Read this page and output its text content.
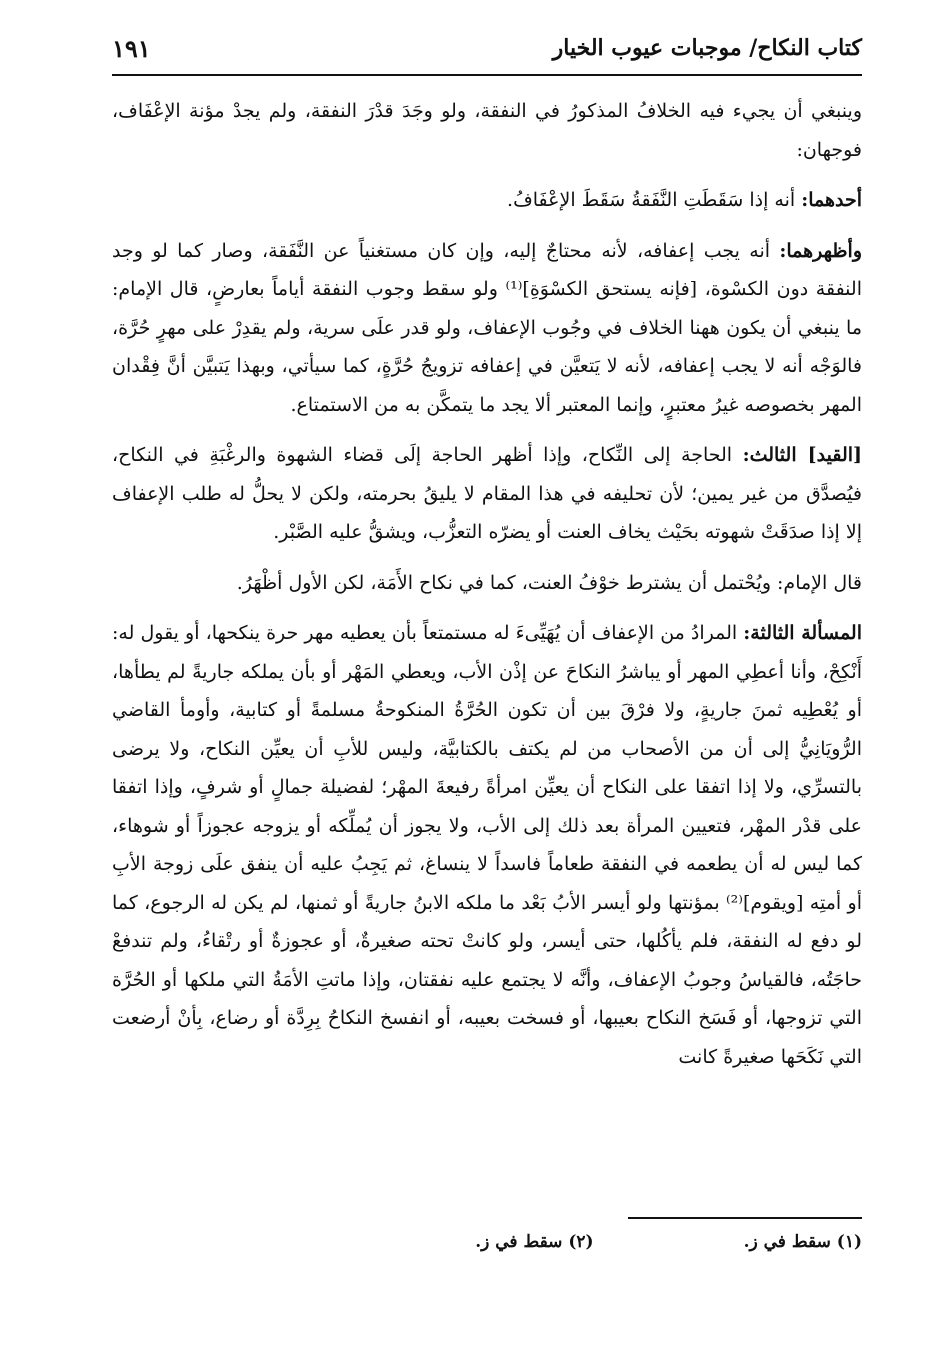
كتاب النكاح/ موجبات عيوب الخيار
١٩١

وينبغي أن يجيء فيه الخلافُ المذكورُ في النفقة، ولو وجَدَ قدْرَ النفقة، ولم يجدْ مؤنة الإعْفَاف، فوجهان:

أحدهما: أنه إذا سَقَطَتِ النَّفَقةُ سَقَطَ الإعْفَافُ.

وأظهرهما: أنه يجب إعفافه، لأنه محتاجٌ إليه، وإن كان مستغنياً عن النَّفَقة، وصار كما لو وجد النفقة دون الكسْوة، [فإنه يستحق الكسْوَةِ]⁽¹⁾ ولو سقط وجوب النفقة أياماً بعارضٍ، قال الإمام: ما ينبغي أن يكون ههنا الخلاف في وجُوب الإعفاف، ولو قدر علَى سرية، ولم يقدِرْ على مهرٍ حُرَّة، فالوَجْه أنه لا يجب إعفافه، لأنه لا يَتعيَّن في إعفافه تزويجُ حُرَّةٍ، كما سيأتي، وبهذا يَتبيَّن أنَّ فِقْدان المهر بخصوصه غيرُ معتبرٍ، وإنما المعتبر ألا يجد ما يتمكَّن به من الاستمتاع.

[القيد] الثالث: الحاجة إلى النِّكاح، وإذا أظهر الحاجة إلَى قضاء الشهوة والرغْبَةِ في النكاح، فيُصدَّق من غير يمين؛ لأن تحليفه في هذا المقام لا يليقُ بحرمته، ولكن لا يحلُّ له طلب الإعفاف إلا إذا صدَقَتْ شهوته بحَيْث يخاف العنت أو يضرّه التعزُّب، ويشقُّ عليه الصَّبْر.

قال الإمام: ويُحْتمل أن يشترط خوْفُ العنت، كما في نكاح الأَمَة، لكن الأول أظْهَرُ.

المسألة الثالثة: المرادُ من الإعفاف أن يُهَيِّىءَ له مستمتعاً بأن يعطيه مهر حرة ينكحها، أو يقول له: أَنْكِحْ، وأنا أعطِي المهر أو يباشرُ النكاحَ عن إذْن الأب، ويعطي المَهْر أو بأن يملكه جاريةً لم يطأها، أو يُعْطِيه ثمنَ جاريةٍ، ولا فرْقَ بين أن تكون الحُرَّةُ المنكوحةُ مسلمةً أو كتابية، وأومأ القاضي الرُّويَانِيُّ إلى أن من الأصحاب من لم يكتف بالكتابيَّة، وليس للأبِ أن يعيِّن النكاح، ولا يرضى بالتسرِّي، ولا إذا اتفقا على النكاح أن يعيِّن امرأةً رفيعةَ المهْر؛ لفضيلة جمالٍ أو شرفٍ، وإذا اتفقا على قدْر المهْر، فتعيين المرأة بعد ذلك إلى الأب، ولا يجوز أن يُملِّكه أو يزوجه عجوزاً أو شوهاء، كما ليس له أن يطعمه في النفقة طعاماً فاسداً لا ينساغ، ثم يَجِبُ عليه أن ينفق علَى زوجة الأبِ أو أمتِه [ويقوم]⁽²⁾ بمؤنتها ولو أيسر الأبُ بَعْد ما ملكه الابنُ جاريةً أو ثمنها، لم يكن له الرجوع، كما لو دفع له النفقة، فلم يأكُلها، حتى أيسر، ولو كانتْ تحته صغيرةٌ، أو عجوزةٌ أو رتْقاءُ، ولم تندفعْ حاجَتُه، فالقياسُ وجوبُ الإعفاف، وأنَّه لا يجتمع عليه نفقتان، وإذا ماتتِ الأمَةُ التي ملكها أو الحُرَّة التي تزوجها، أو فَسَخ النكاح بعيبها، أو فسخت بعيبه، أو انفسخ النكاحُ بِرِدَّة أو رضاع، بِأنْ أرضعت التي نَكَحَها صغيرةً كانت

(١) سقط في ز.
(٢) سقط في ز.
